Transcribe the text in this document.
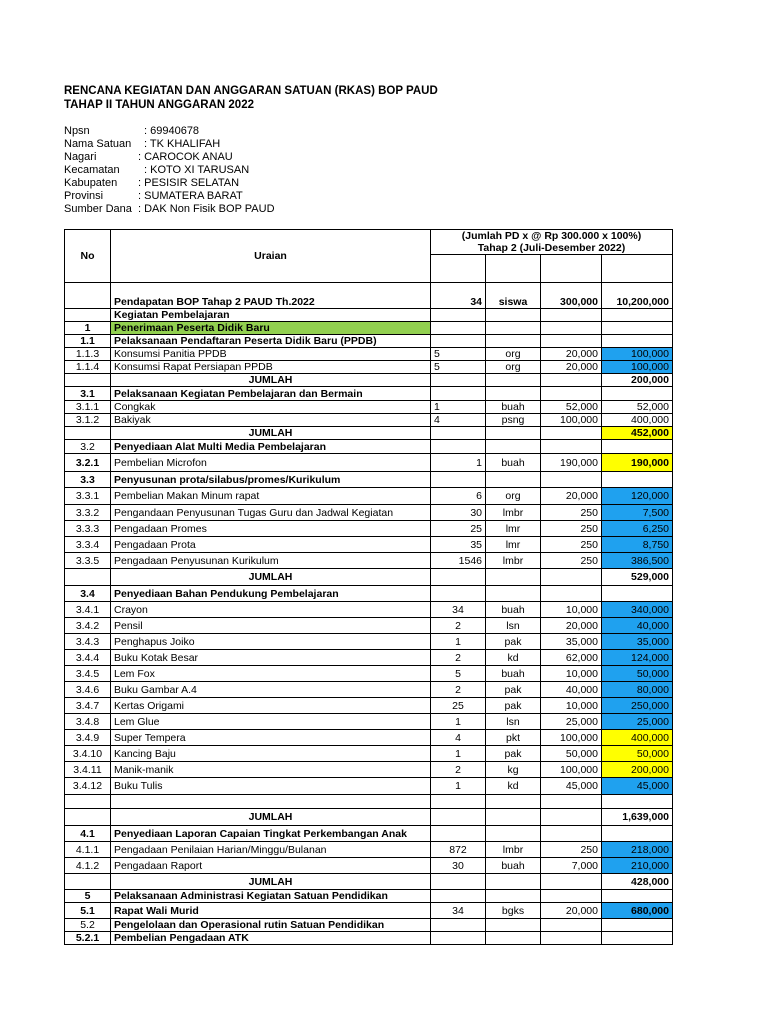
RENCANA KEGIATAN DAN ANGGARAN SATUAN (RKAS) BOP PAUD
TAHAP II TAHUN ANGGARAN 2022
Npsn	: 69940678
Nama Satuan : TK KHALIFAH
Nagari	: CAROCOK ANAU
Kecamatan : KOTO XI TARUSAN
Kabupaten : PESISIR SELATAN
Provinsi	: SUMATERA BARAT
Sumber Dana : DAK Non Fisik BOP PAUD
No	Uraian	(Jumlah PD x @ Rp 300.000 x 100%)			
		Tahap 2 (Juli-Desember 2022)			

	Pendapatan BOP Tahap 2 PAUD Th.2022	34	siswa	300,000	10,200,000
	Kegiatan Pembelajaran				
1	Penerimaan Peserta Didik Baru				
1.1	Pelaksanaan Pendaftaran Peserta Didik Baru (PPDB)				
1.1.3	Konsumsi Panitia PPDB	5	org	20,000	100,000
1.1.4	Konsumsi Rapat Persiapan PPDB	5	org	20,000	100,000
	JUMLAH				200,000
3.1	Pelaksanaan Kegiatan Pembelajaran dan Bermain				
3.1.1	Congkak	1	buah	52,000	52,000
3.1.2	Bakiyak	4	psng	100,000	400,000
	JUMLAH				452,000
3.2	Penyediaan Alat Multi Media Pembelajaran				
3.2.1	Pembelian Microfon	1	buah	190,000	190,000
3.3	Penyusunan prota/silabus/promes/Kurikulum				
3.3.1	Pembelian Makan Minum rapat	6	org	20,000	120,000
3.3.2	Pengandaan Penyusunan Tugas Guru dan Jadwal Kegiatan	30	lmbr	250	7,500
3.3.3	Pengadaan Promes	25	lmr	250	6,250
3.3.4	Pengadaan Prota	35	lmr	250	8,750
3.3.5	Pengadaan Penyusunan Kurikulum	1546	lmbr	250	386,500
	JUMLAH				529,000
3.4	Penyediaan Bahan Pendukung Pembelajaran				
3.4.1	Crayon	34	buah	10,000	340,000
3.4.2	Pensil	2	lsn	20,000	40,000
3.4.3	Penghapus Joiko	1	pak	35,000	35,000
3.4.4	Buku Kotak Besar	2	kd	62,000	124,000
3.4.5	Lem Fox	5	buah	10,000	50,000
3.4.6	Buku Gambar A.4	2	pak	40,000	80,000
3.4.7	Kertas Origami	25	pak	10,000	250,000
3.4.8	Lem Glue	1	lsn	25,000	25,000
3.4.9	Super Tempera	4	pkt	100,000	400,000
3.4.10	Kancing Baju	1	pak	50,000	50,000
3.4.11	Manik-manik	2	kg	100,000	200,000
3.4.12	Buku Tulis	1	kd	45,000	45,000

	JUMLAH				1,639,000
4.1	Penyediaan Laporan Capaian Tingkat Perkembangan Anak				
4.1.1	Pengadaan Penilaian Harian/Minggu/Bulanan	872	lmbr	250	218,000
4.1.2	Pengadaan Raport	30	buah	7,000	210,000
	JUMLAH				428,000
5	Pelaksanaan Administrasi Kegiatan Satuan Pendidikan				
5.1	Rapat Wali Murid	34	bgks	20,000	680,000
5.2	Pengelolaan dan Operasional rutin Satuan Pendidikan				
5.2.1	Pembelian Pengadaan ATK				
